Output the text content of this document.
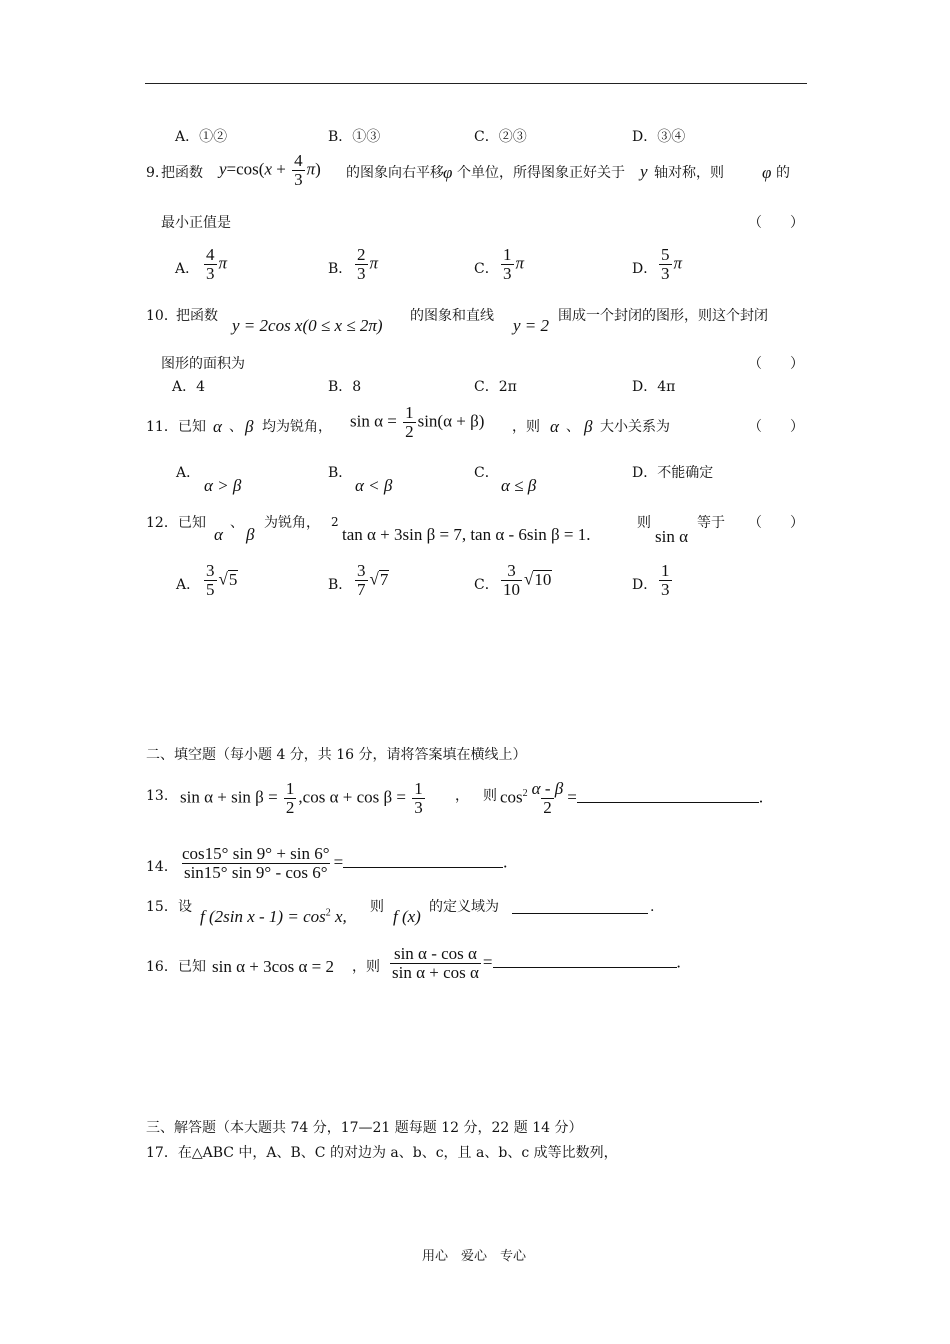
A．①②	B．①③	C．②③	D．③④
9. 把函数 $y=\cos(x + \frac{4}{3} \pi)$ 的图象向右平移 φ 个单位，所得图象正好关于 y 轴对称，则 φ 的
最小正值是	（　　）
A． $\frac{4}{3}$ π	B． $\frac{2}{3}$ π	C． $\frac{1}{3}$ π	D． $\frac{5}{3}$ π
10．
把函数 y = 2cos x(0 ≤ x ≤ 2π) 的图象和直线 y = 2 围成一个封闭的图形，则这个封闭
图形的面积为	（　　）
A．4	B．8	C．2π	D．4π
11． 已知 α 、 β 均为锐角， $\sin \alpha = \frac{1}{2} \sin(\alpha + \beta)$ ，则 α 、 β 大小关系为	（　　）
A．
α > β
B．
α < β
C．
α ≤ β
D．不能确定
12． 已知
α
、
β
为锐角， 2
tan α + 3sin β = 7, tan α - 6sin β = 1.
则
sin α
等于 （　　）
A． $\frac{3}{5} √5$	B． $\frac{3}{7} √7$	C． $\frac{3}{10} √10$	D． $\frac{1}{3}$
二、填空题（每小题 4 分，共 16 分，请将答案填在横线上）
13. $\sin \alpha + \sin \beta = \frac{1}{2} ,\cos$ $\alpha + \cos \beta = \frac{1}{3}$ ， 则 $\cos^2 \frac{\alpha - \beta}{2}$ =	.
14． $\frac{\cos 15^\circ \sin 9^\circ + \sin 6^\circ}{\sin 15^\circ \sin 9^\circ - \cos 6^\circ}$ =	.
15． 设 f (2sin $x - 1) = \cos^2 x$, 则 f (x) 的定义域为	.
16． 已知 sin α + 3cos α = 2 ，则 $\frac{\text{sin α - cos α}}{\text{sin α + cos α}}$ =	.
三、解答题（本大题共 74 分，17—21 题每题 12 分，22 题 14 分）
17．在△ABC 中，A、B、C 的对边为 a、b、c，且 a、b、c 成等比数列，
用心　爱心　专心
